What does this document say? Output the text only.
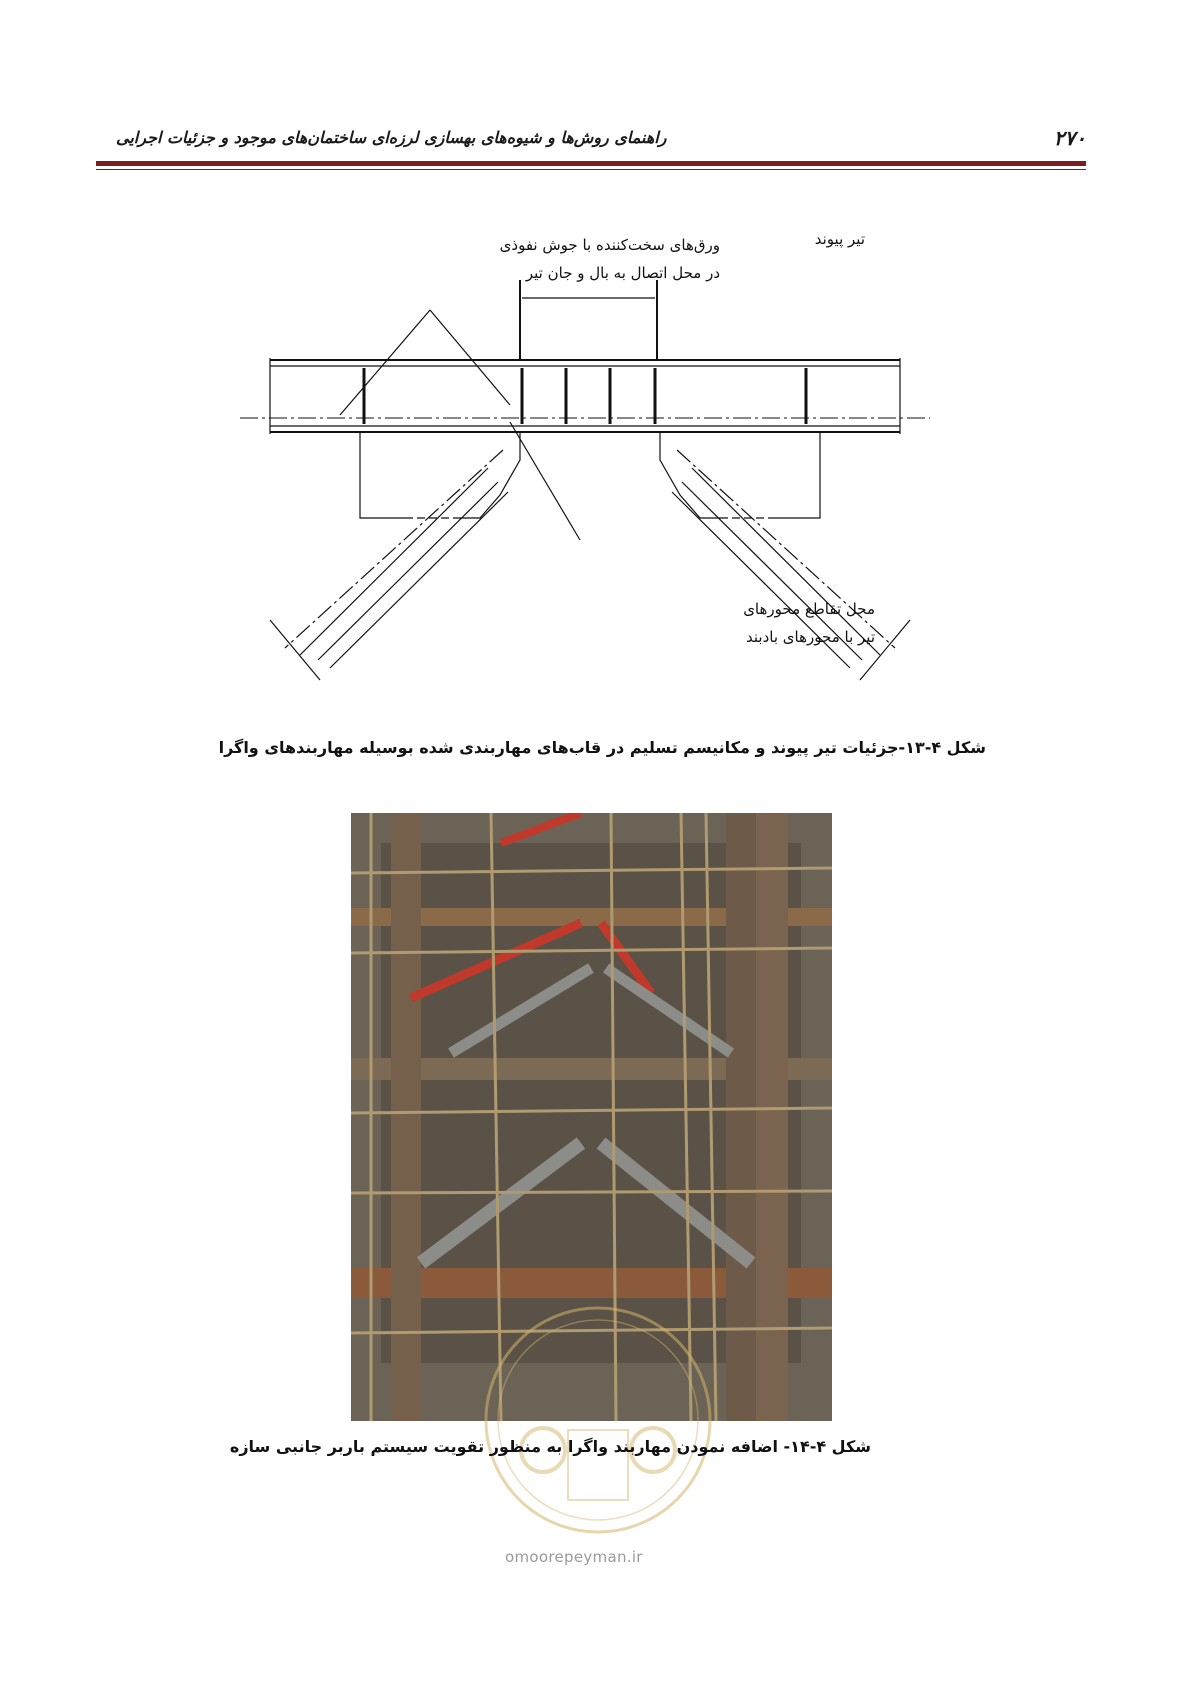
۲۷۰
راهنمای روش‌ها و شیوه‌های بهسازی لرزه‌ای ساختمان‌های موجود و جزئیات اجرایی
ورق‌های سخت‌کننده با جوش نفوذی
در محل اتصال به بال و جان تیر
تیر پیوند
محل تقاطع محورهای
تیر با محورهای بادبند
شکل ۴-۱۳-جزئیات تیر پیوند و مکانیسم تسلیم در قاب‌های مهاربندی شده بوسیله مهاربندهای واگرا
شکل ۴-۱۴- اضافه نمودن مهاربند واگرا به منظور تقویت سیستم باربر جانبی سازه
omoorepeyman.ir
